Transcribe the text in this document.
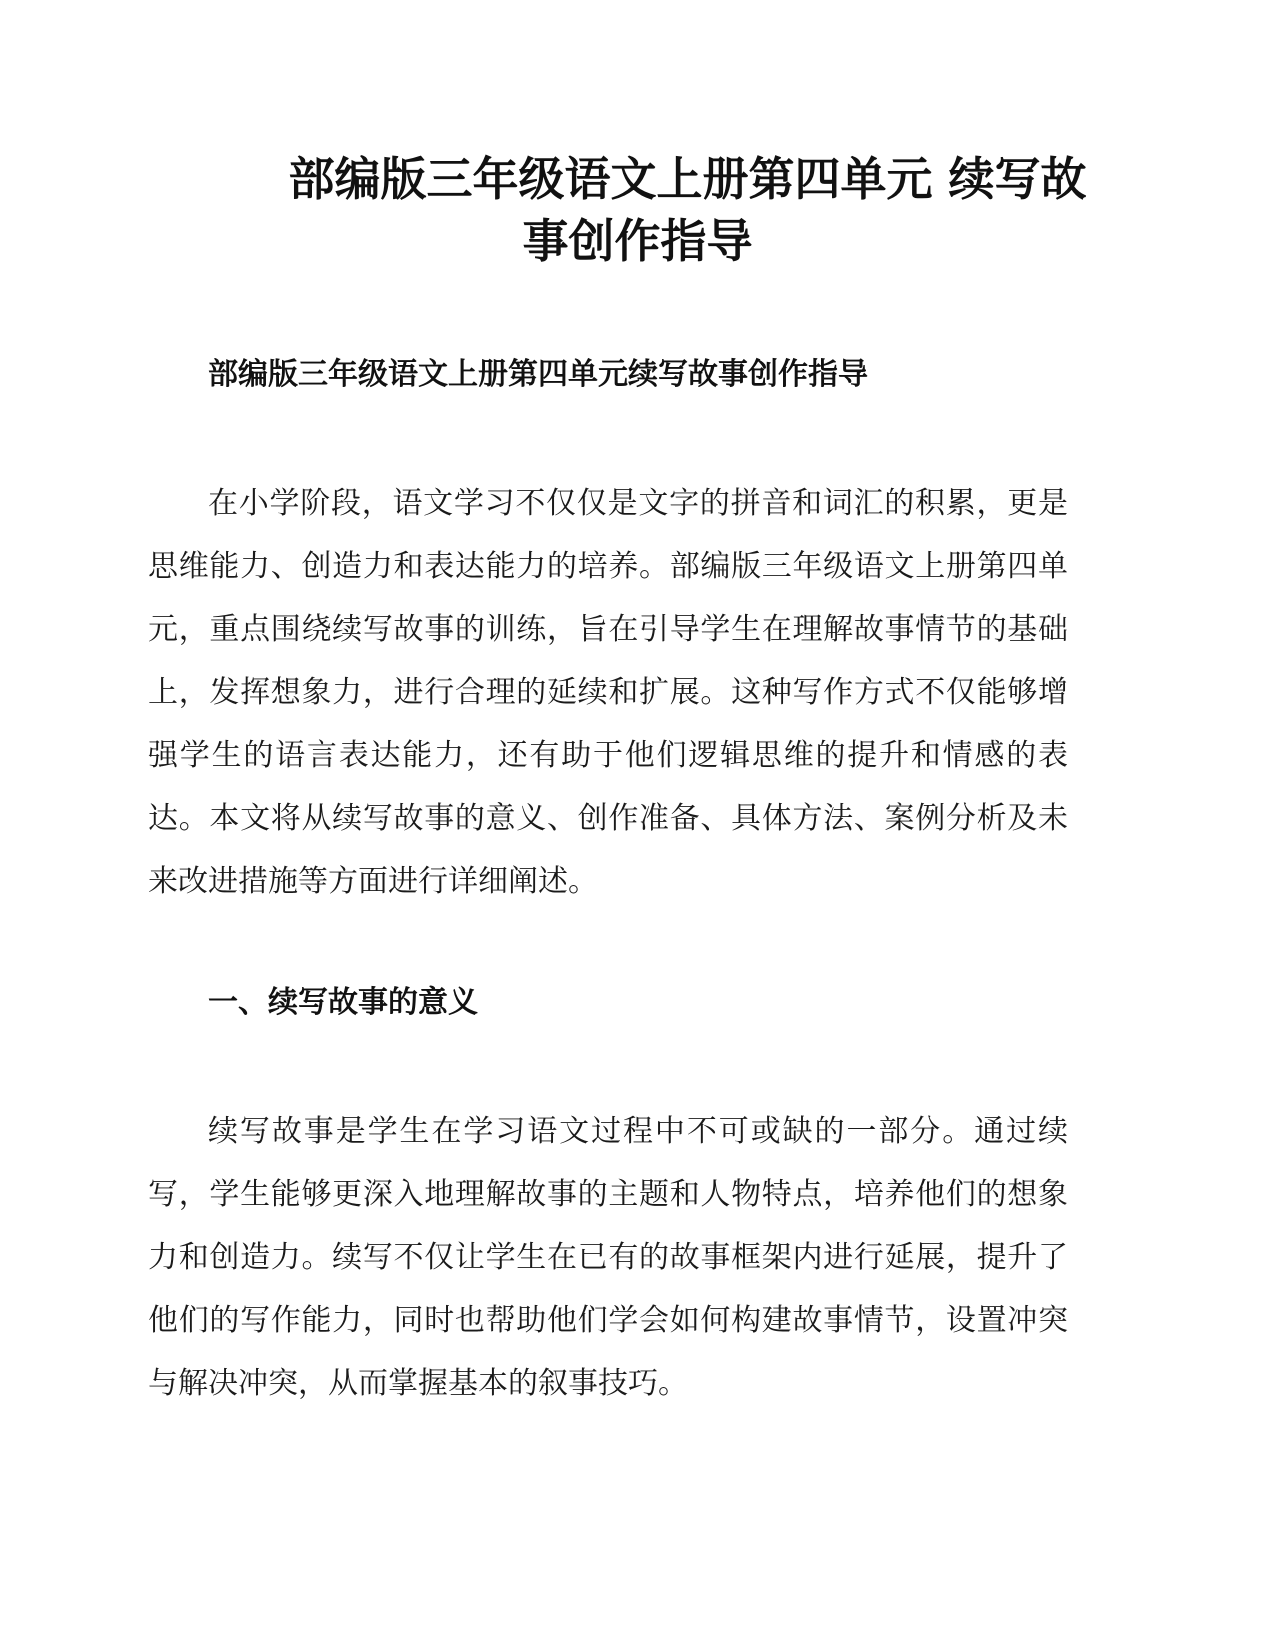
部编版三年级语文上册第四单元 续写故
事创作指导
部编版三年级语文上册第四单元续写故事创作指导

在小学阶段，语文学习不仅仅是文字的拼音和词汇的积累，更是思维能力、创造力和表达能力的培养。部编版三年级语文上册第四单元，重点围绕续写故事的训练，旨在引导学生在理解故事情节的基础上，发挥想象力，进行合理的延续和扩展。这种写作方式不仅能够增强学生的语言表达能力，还有助于他们逻辑思维的提升和情感的表达。本文将从续写故事的意义、创作准备、具体方法、案例分析及未来改进措施等方面进行详细阐述。

一、续写故事的意义

续写故事是学生在学习语文过程中不可或缺的一部分。通过续写，学生能够更深入地理解故事的主题和人物特点，培养他们的想象力和创造力。续写不仅让学生在已有的故事框架内进行延展，提升了他们的写作能力，同时也帮助他们学会如何构建故事情节，设置冲突与解决冲突，从而掌握基本的叙事技巧。
